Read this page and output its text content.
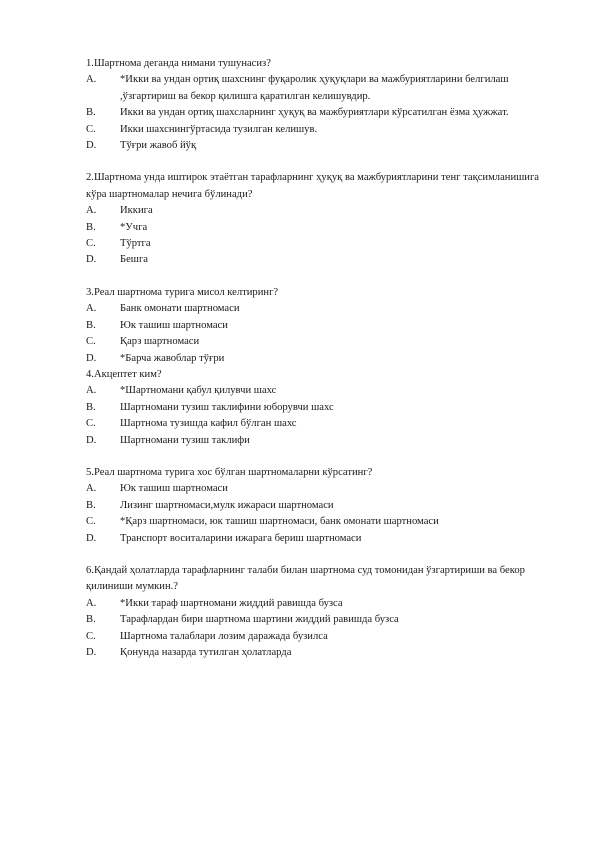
1.Шартнома деганда нимани тушунасиз?

A.	*Икки ва ундан ортиқ шахснинг фуқаролик ҳуқуқлари ва мажбуриятларини белгилаш ,ўзгартириш ва бекор қилишга қаратилган келишувдир.
B.	Икки ва ундан ортиқ шахсларнинг ҳуқуқ ва мажбуриятлари кўрсатилган ёзма ҳужжат.
C.	Икки шахснингўртасида тузилган келишув.
D.	Тўғри жавоб йўқ

2.Шартнома унда иштирок этаётган тарафларнинг ҳуқуқ ва мажбуриятларини тенг тақсимланишига кўра шартномалар нечига бўлинади?

A.	Иккига
B.	*Учга
C.	Тўртга
D.	Бешга

3.Реал шартнома турига мисол келтиринг?

A.	Банк омонати шартномаси
B.	Юк ташиш шартномаси
C.	Қарз шартномаси
D.	*Барча жавоблар тўғри

4.Акцептет ким?

A.	*Шартномани қабул қилувчи шахс
B.	Шартномани тузиш таклифини юборувчи шахс
C.	Шартнома тузишда кафил бўлган шахс
D.	Шартномани тузиш таклифи

5.Реал шартнома турига хос бўлган шартномаларни кўрсатинг?

A.	Юк ташиш шартномаси
B.	Лизинг шартномаси,мулк ижараси шартномаси
C.	*Қарз шартномаси, юк ташиш шартномаси, банк омонати шартномаси
D.	Транспорт воситаларини ижарага бериш шартномаси

6.Қандай ҳолатларда тарафларнинг талаби билан шартнома суд томонидан ўзгартириши ва бекор қилиниши мумкин.?

A.	*Икки тараф шартномани жиддий равишда бузса
B.	Тарафлардан бири шартнома шартини жиддий равишда бузса
C.	Шартнома талаблари лозим даражада бузилса
D.	Қонунда назарда тутилган ҳолатларда
